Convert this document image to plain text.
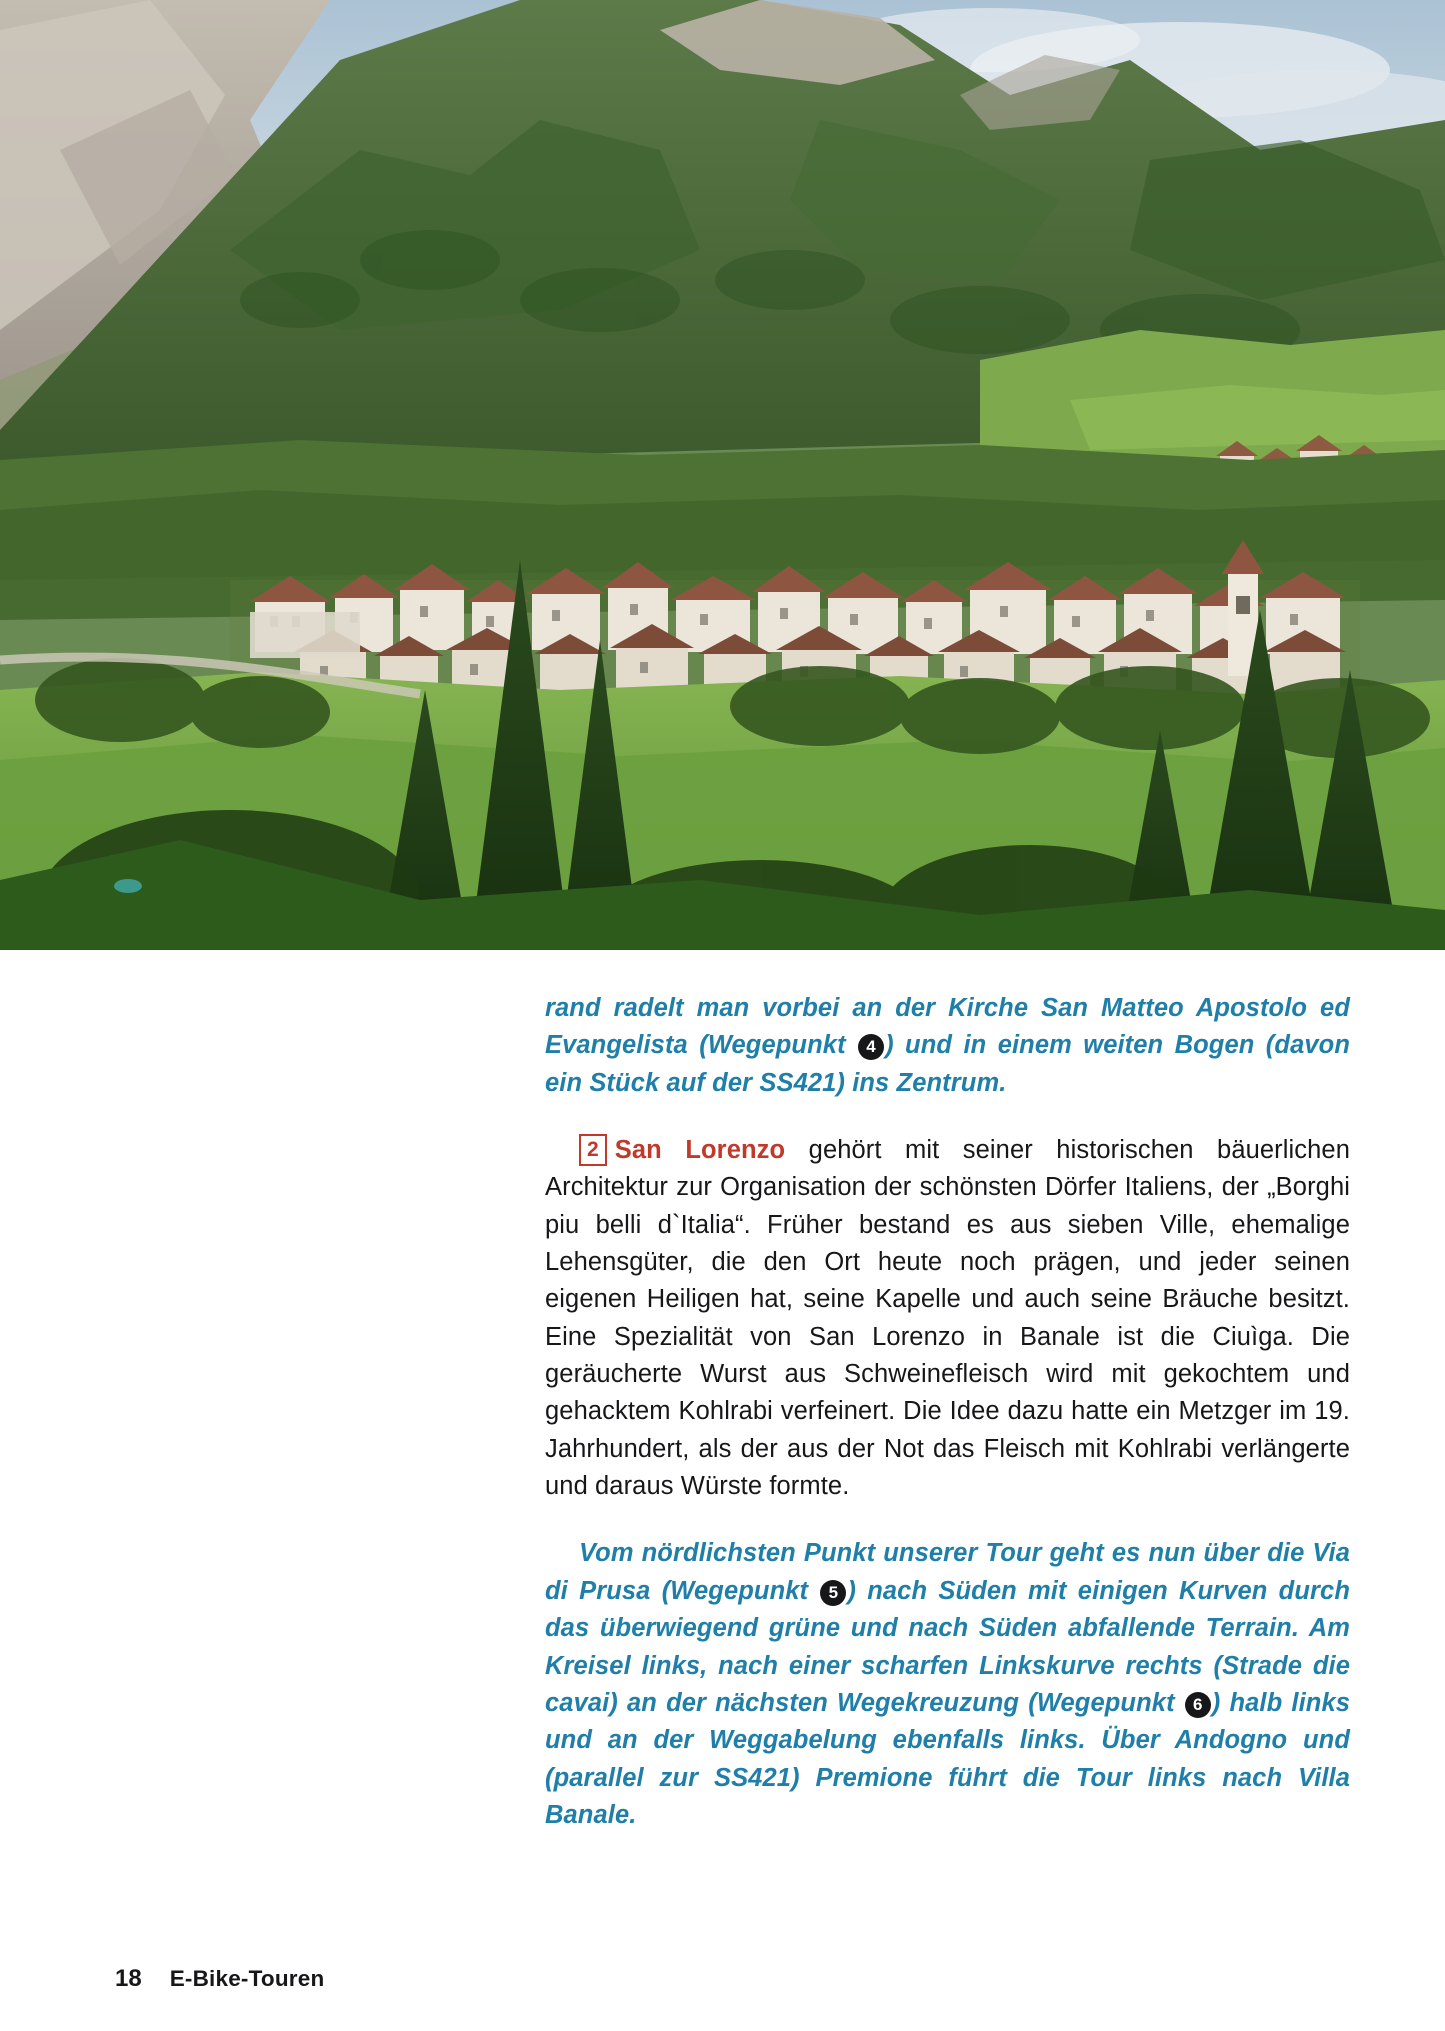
rand radelt man vorbei an der Kirche San Matteo Apostolo ed Evangelista (Wegepunkt 4 ) und in einem weiten Bogen (davon ein Stück auf der SS421) ins Zentrum.

2 San Lorenzo gehört mit seiner historischen bäuerlichen Architektur zur Organisation der schönsten Dörfer Italiens, der „Borghi piu belli d`Italia“. Früher bestand es aus sieben Ville, ehemalige Lehensgüter, die den Ort heute noch prägen, und jeder seinen eigenen Heiligen hat, seine Kapelle und auch seine Bräuche besitzt. Eine Spezialität von San Lorenzo in Banale ist die Ciuìga. Die geräucherte Wurst aus Schweinefleisch wird mit gekochtem und gehacktem Kohlrabi verfeinert. Die Idee dazu hatte ein Metzger im 19. Jahrhundert, als der aus der Not das Fleisch mit Kohlrabi verlängerte und daraus Würste formte.

Vom nördlichsten Punkt unserer Tour geht es nun über die Via di Prusa (Wegepunkt 5 ) nach Süden mit einigen Kurven durch das überwiegend grüne und nach Süden abfallende Terrain. Am Kreisel links, nach einer scharfen Linkskurve rechts (Strade die cavai) an der nächsten Wegekreuzung (Wegepunkt 6 ) halb links und an der Weggabelung ebenfalls links. Über Andogno und (parallel zur SS421) Premione führt die Tour links nach Villa Banale.

18 E-Bike-Touren
